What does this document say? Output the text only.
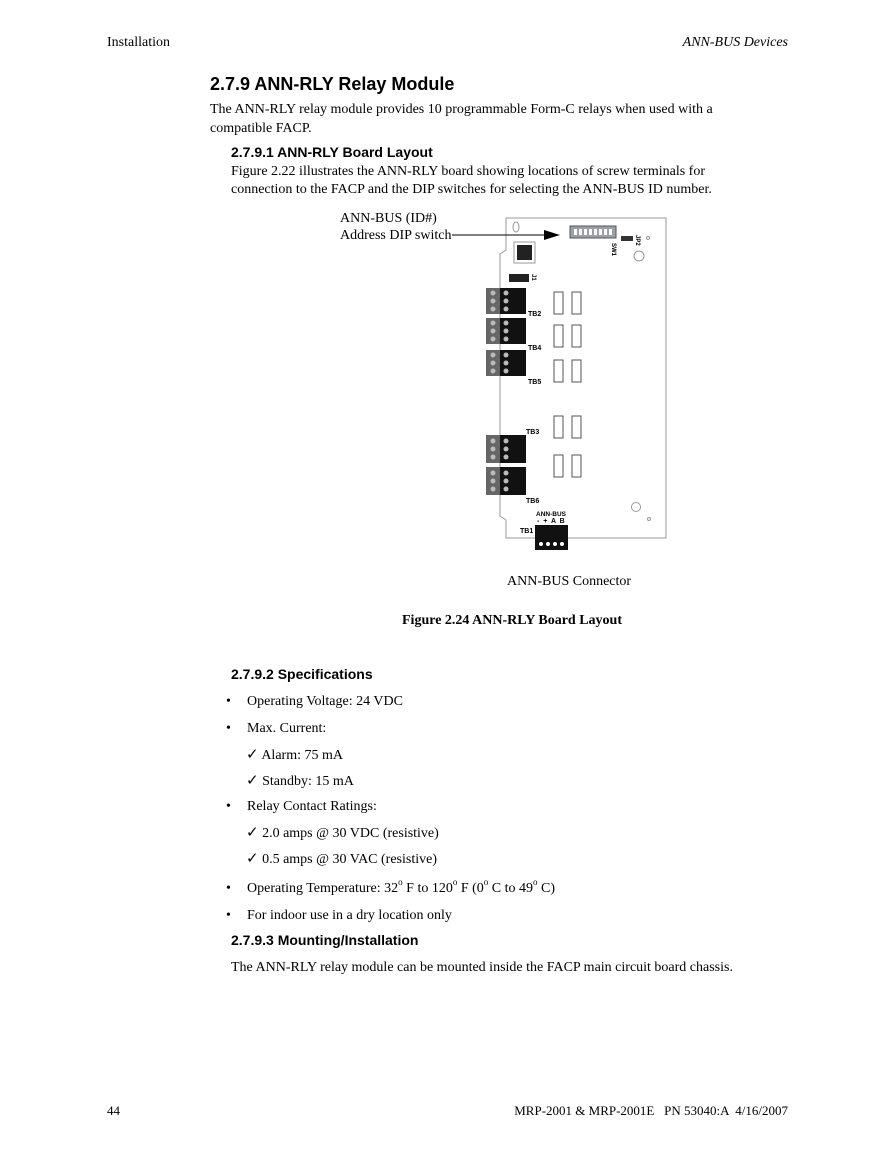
Installation	ANN-BUS Devices
2.7.9 ANN-RLY Relay Module
The ANN-RLY relay module provides 10 programmable Form-C relays when used with a
compatible FACP.
2.7.9.1 ANN-RLY Board Layout
Figure 2.22 illustrates the ANN-RLY board showing locations of screw terminals for
connection to the FACP and the DIP switches for selecting the ANN-BUS ID number.
ANN-BUS (ID#)
Address DIP switch
SW1
JP2
J1
TB2
TB4
TB5
TB3
TB6
ANN-BUS
-  +  A  B
TB1
ANN-BUS Connector
Figure 2.24 ANN-RLY Board Layout
2.7.9.2 Specifications
• Operating Voltage: 24 VDC
• Max. Current:
✓ Alarm: 75 mA
✓ Standby: 15 mA
• Relay Contact Ratings:
✓ 2.0 amps @ 30 VDC (resistive)
✓ 0.5 amps @ 30 VAC (resistive)
• Operating Temperature: 32$^o$ F to 120$^o$ F (0$^o$ C to 49$^o$ C)
• For indoor use in a dry location only
2.7.9.3 Mounting/Installation
The ANN-RLY relay module can be mounted inside the FACP main circuit board chassis.
44	MRP-2001 & MRP-2001E   PN 53040:A  4/16/2007
